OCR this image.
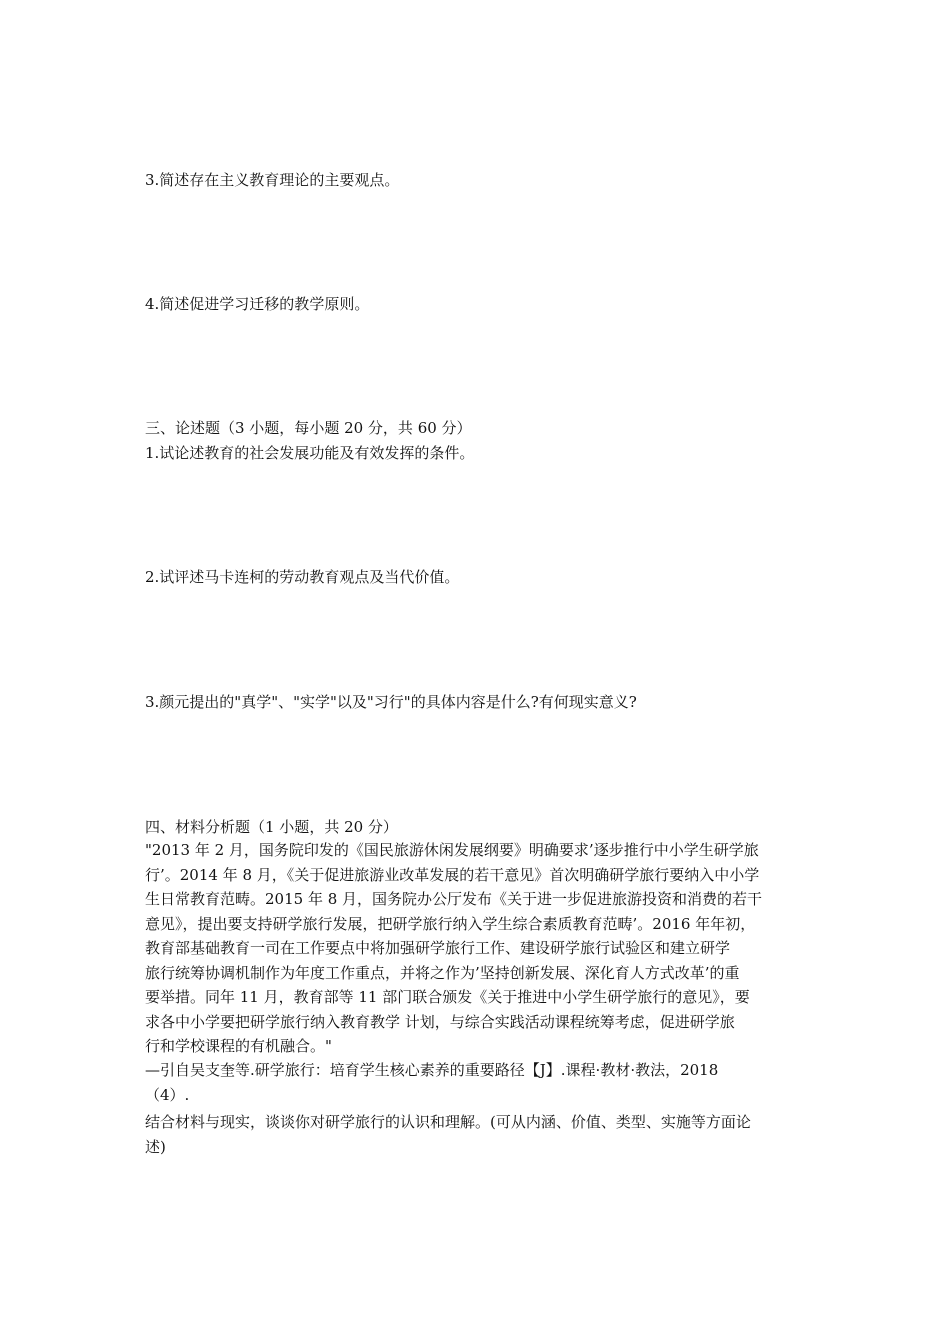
3.简述存在主义教育理论的主要观点。
4.简述促进学习迁移的教学原则。
三、论述题（3 小题，每小题 20 分，共 60 分）
1.试论述教育的社会发展功能及有效发挥的条件。
2.试评述马卡连柯的劳动教育观点及当代价值。
3.颜元提出的"真学"、"实学"以及"习行"的具体内容是什么?有何现实意义?
四、材料分析题（1 小题，共 20 分）
"2013 年 2 月，国务院印发的《国民旅游休闲发展纲要》明确要求’逐步推行中小学生研学旅
行’。2014 年 8 月，《关于促进旅游业改革发展的若干意见》首次明确研学旅行要纳入中小学
生日常教育范畴。2015 年 8 月，国务院办公厅发布《关于进一步促进旅游投资和消费的若干
意见》，提出要支持研学旅行发展，把研学旅行纳入学生综合素质教育范畴’。2016 年年初，
教育部基础教育一司在工作要点中将加强研学旅行工作、建设研学旅行试验区和建立研学
旅行统筹协调机制作为年度工作重点，并将之作为’坚持创新发展、深化育人方式改革’的重
要举措。同年 11 月，教育部等 11 部门联合颁发《关于推进中小学生研学旅行的意见》，要
求各中小学要把研学旅行纳入教育教学 计划，与综合实践活动课程统筹考虑，促进研学旅
行和学校课程的有机融合。"
—引自吴支奎等.研学旅行：培育学生核心素养的重要路径【J】.课程·教材·教法，2018
（4）.
结合材料与现实，谈谈你对研学旅行的认识和理解。(可从内涵、价值、类型、实施等方面论
述)
